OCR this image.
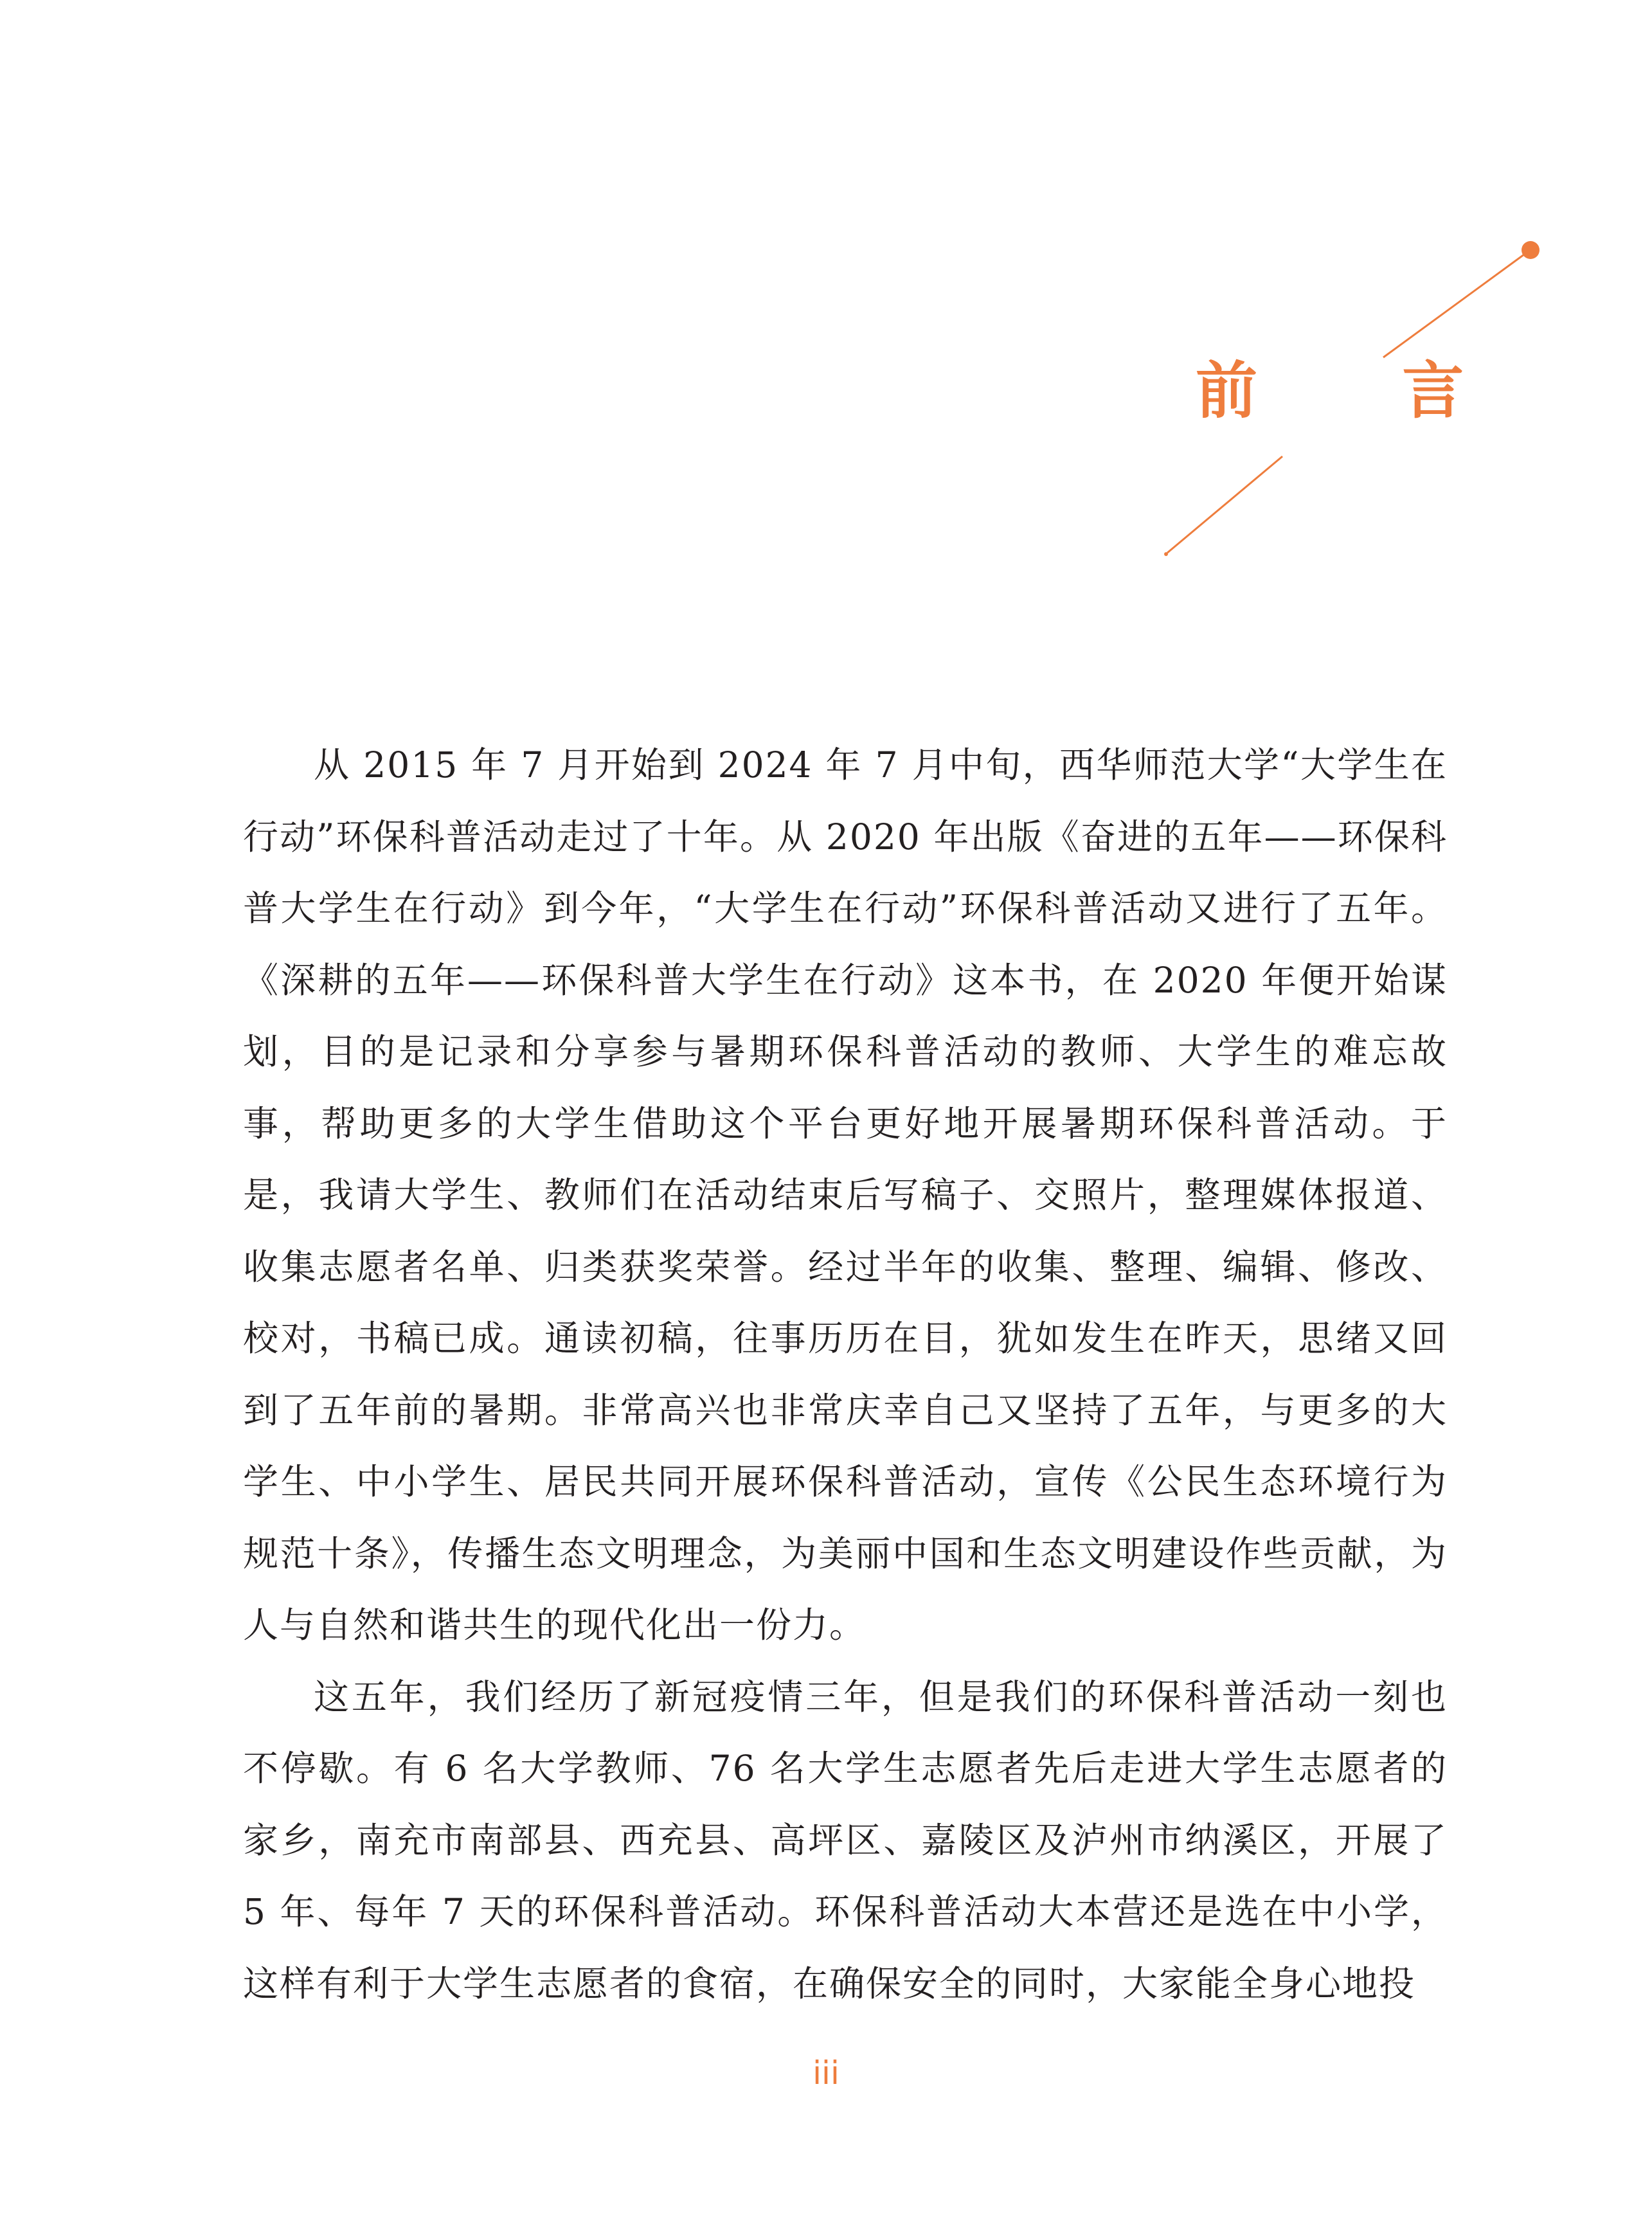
前 言

从 2015 年 7 月开始到 2024 年 7 月中旬，西华师范大学“大学生在行动”环保科普活动走过了十年。从 2020 年出版《奋进的五年——环保科普大学生在行动》到今年，“大学生在行动”环保科普活动又进行了五年。《深耕的五年——环保科普大学生在行动》这本书，在 2020 年便开始谋划，目的是记录和分享参与暑期环保科普活动的教师、大学生的难忘故事，帮助更多的大学生借助这个平台更好地开展暑期环保科普活动。于是，我请大学生、教师们在活动结束后写稿子、交照片，整理媒体报道、收集志愿者名单、归类获奖荣誉。经过半年的收集、整理、编辑、修改、校对，书稿已成。通读初稿，往事历历在目，犹如发生在昨天，思绪又回到了五年前的暑期。非常高兴也非常庆幸自己又坚持了五年，与更多的大学生、中小学生、居民共同开展环保科普活动，宣传《公民生态环境行为规范十条》，传播生态文明理念，为美丽中国和生态文明建设作些贡献，为人与自然和谐共生的现代化出一份力。

这五年，我们经历了新冠疫情三年，但是我们的环保科普活动一刻也不停歇。有 6 名大学教师、76 名大学生志愿者先后走进大学生志愿者的家乡，南充市南部县、西充县、高坪区、嘉陵区及泸州市纳溪区，开展了 5 年、每年 7 天的环保科普活动。环保科普活动大本营还是选在中小学，这样有利于大学生志愿者的食宿，在确保安全的同时，大家能全身心地投

iii
